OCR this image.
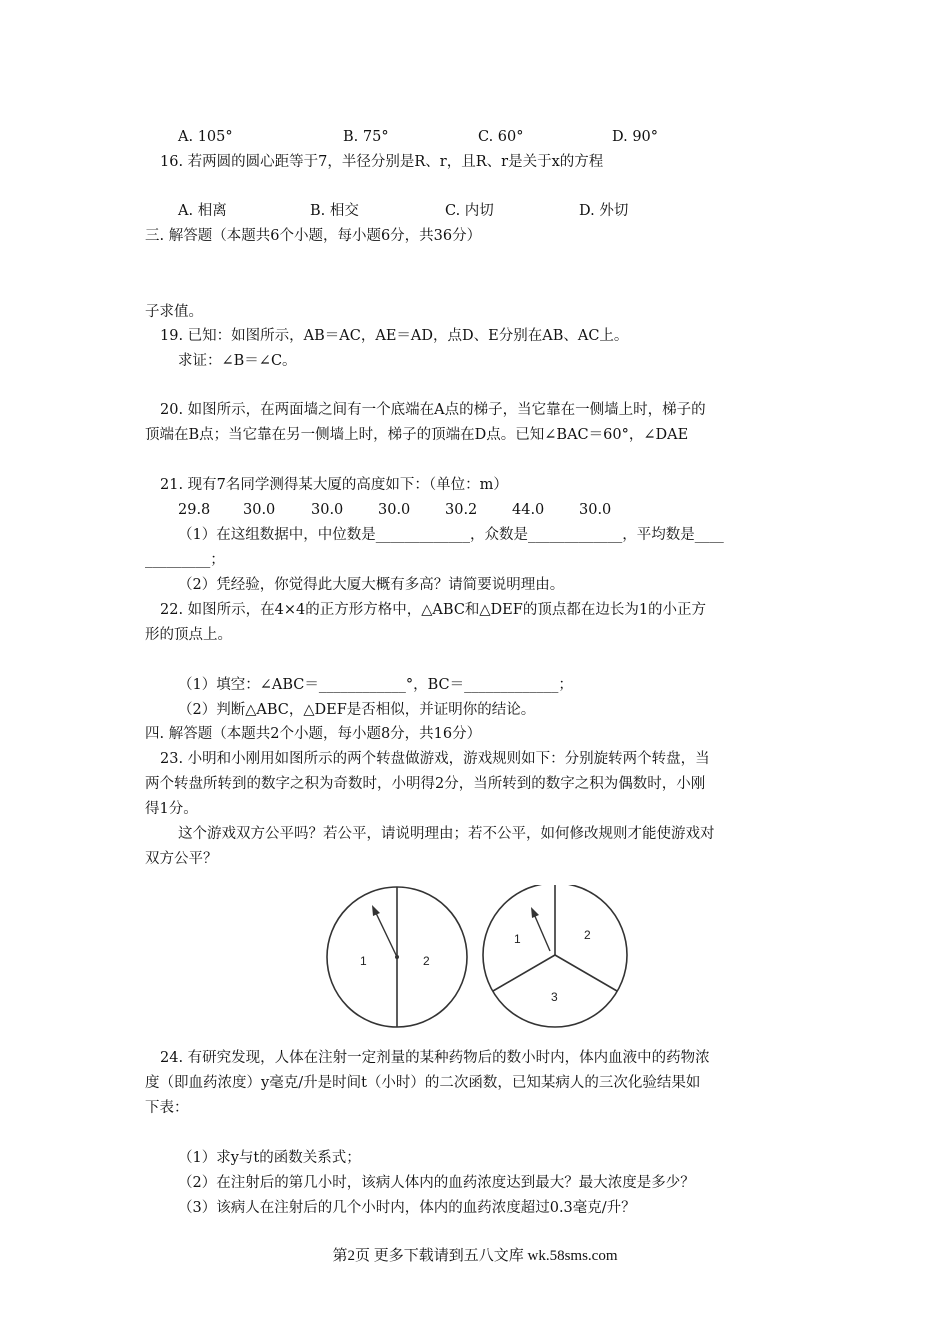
A. 105°	B. 75°	C. 60°	D. 90°
16. 若两圆的圆心距等于7，半径分别是R、r，且R、r是关于x的方程
A. 相离	B. 相交	C. 内切	D. 外切
三. 解答题（本题共6个小题，每小题6分，共36分）
子求值。
19. 已知：如图所示，AB＝AC，AE＝AD，点D、E分别在AB、AC上。
求证：∠B＝∠C。
20. 如图所示，在两面墙之间有一个底端在A点的梯子，当它靠在一侧墙上时，梯子的
顶端在B点；当它靠在另一侧墙上时，梯子的顶端在D点。已知∠BAC＝60°，∠DAE
21. 现有7名同学测得某大厦的高度如下：（单位：m）
29.8 30.0 30.0 30.0 30.2 44.0 30.0
（1）在这组数据中，中位数是_____________，众数是_____________，平均数是____
_________；
（2）凭经验，你觉得此大厦大概有多高？请简要说明理由。
22. 如图所示，在4×4的正方形方格中，△ABC和△DEF的顶点都在边长为1的小正方
形的顶点上。
（1）填空：∠ABC＝____________°，BC＝_____________；
（2）判断△ABC，△DEF是否相似，并证明你的结论。
四. 解答题（本题共2个小题，每小题8分，共16分）
23. 小明和小刚用如图所示的两个转盘做游戏，游戏规则如下：分别旋转两个转盘，当
两个转盘所转到的数字之积为奇数时，小明得2分，当所转到的数字之积为偶数时，小刚
得1分。
这个游戏双方公平吗？若公平，请说明理由；若不公平，如何修改规则才能使游戏对
双方公平？
1	2
1	2
3
24. 有研究发现，人体在注射一定剂量的某种药物后的数小时内，体内血液中的药物浓
度（即血药浓度）y毫克/升是时间t（小时）的二次函数，已知某病人的三次化验结果如
下表：
（1）求y与t的函数关系式；
（2）在注射后的第几小时，该病人体内的血药浓度达到最大？最大浓度是多少？
（3）该病人在注射后的几个小时内，体内的血药浓度超过0.3毫克/升？
第2页 更多下载请到五八文库 wk.58sms.com
